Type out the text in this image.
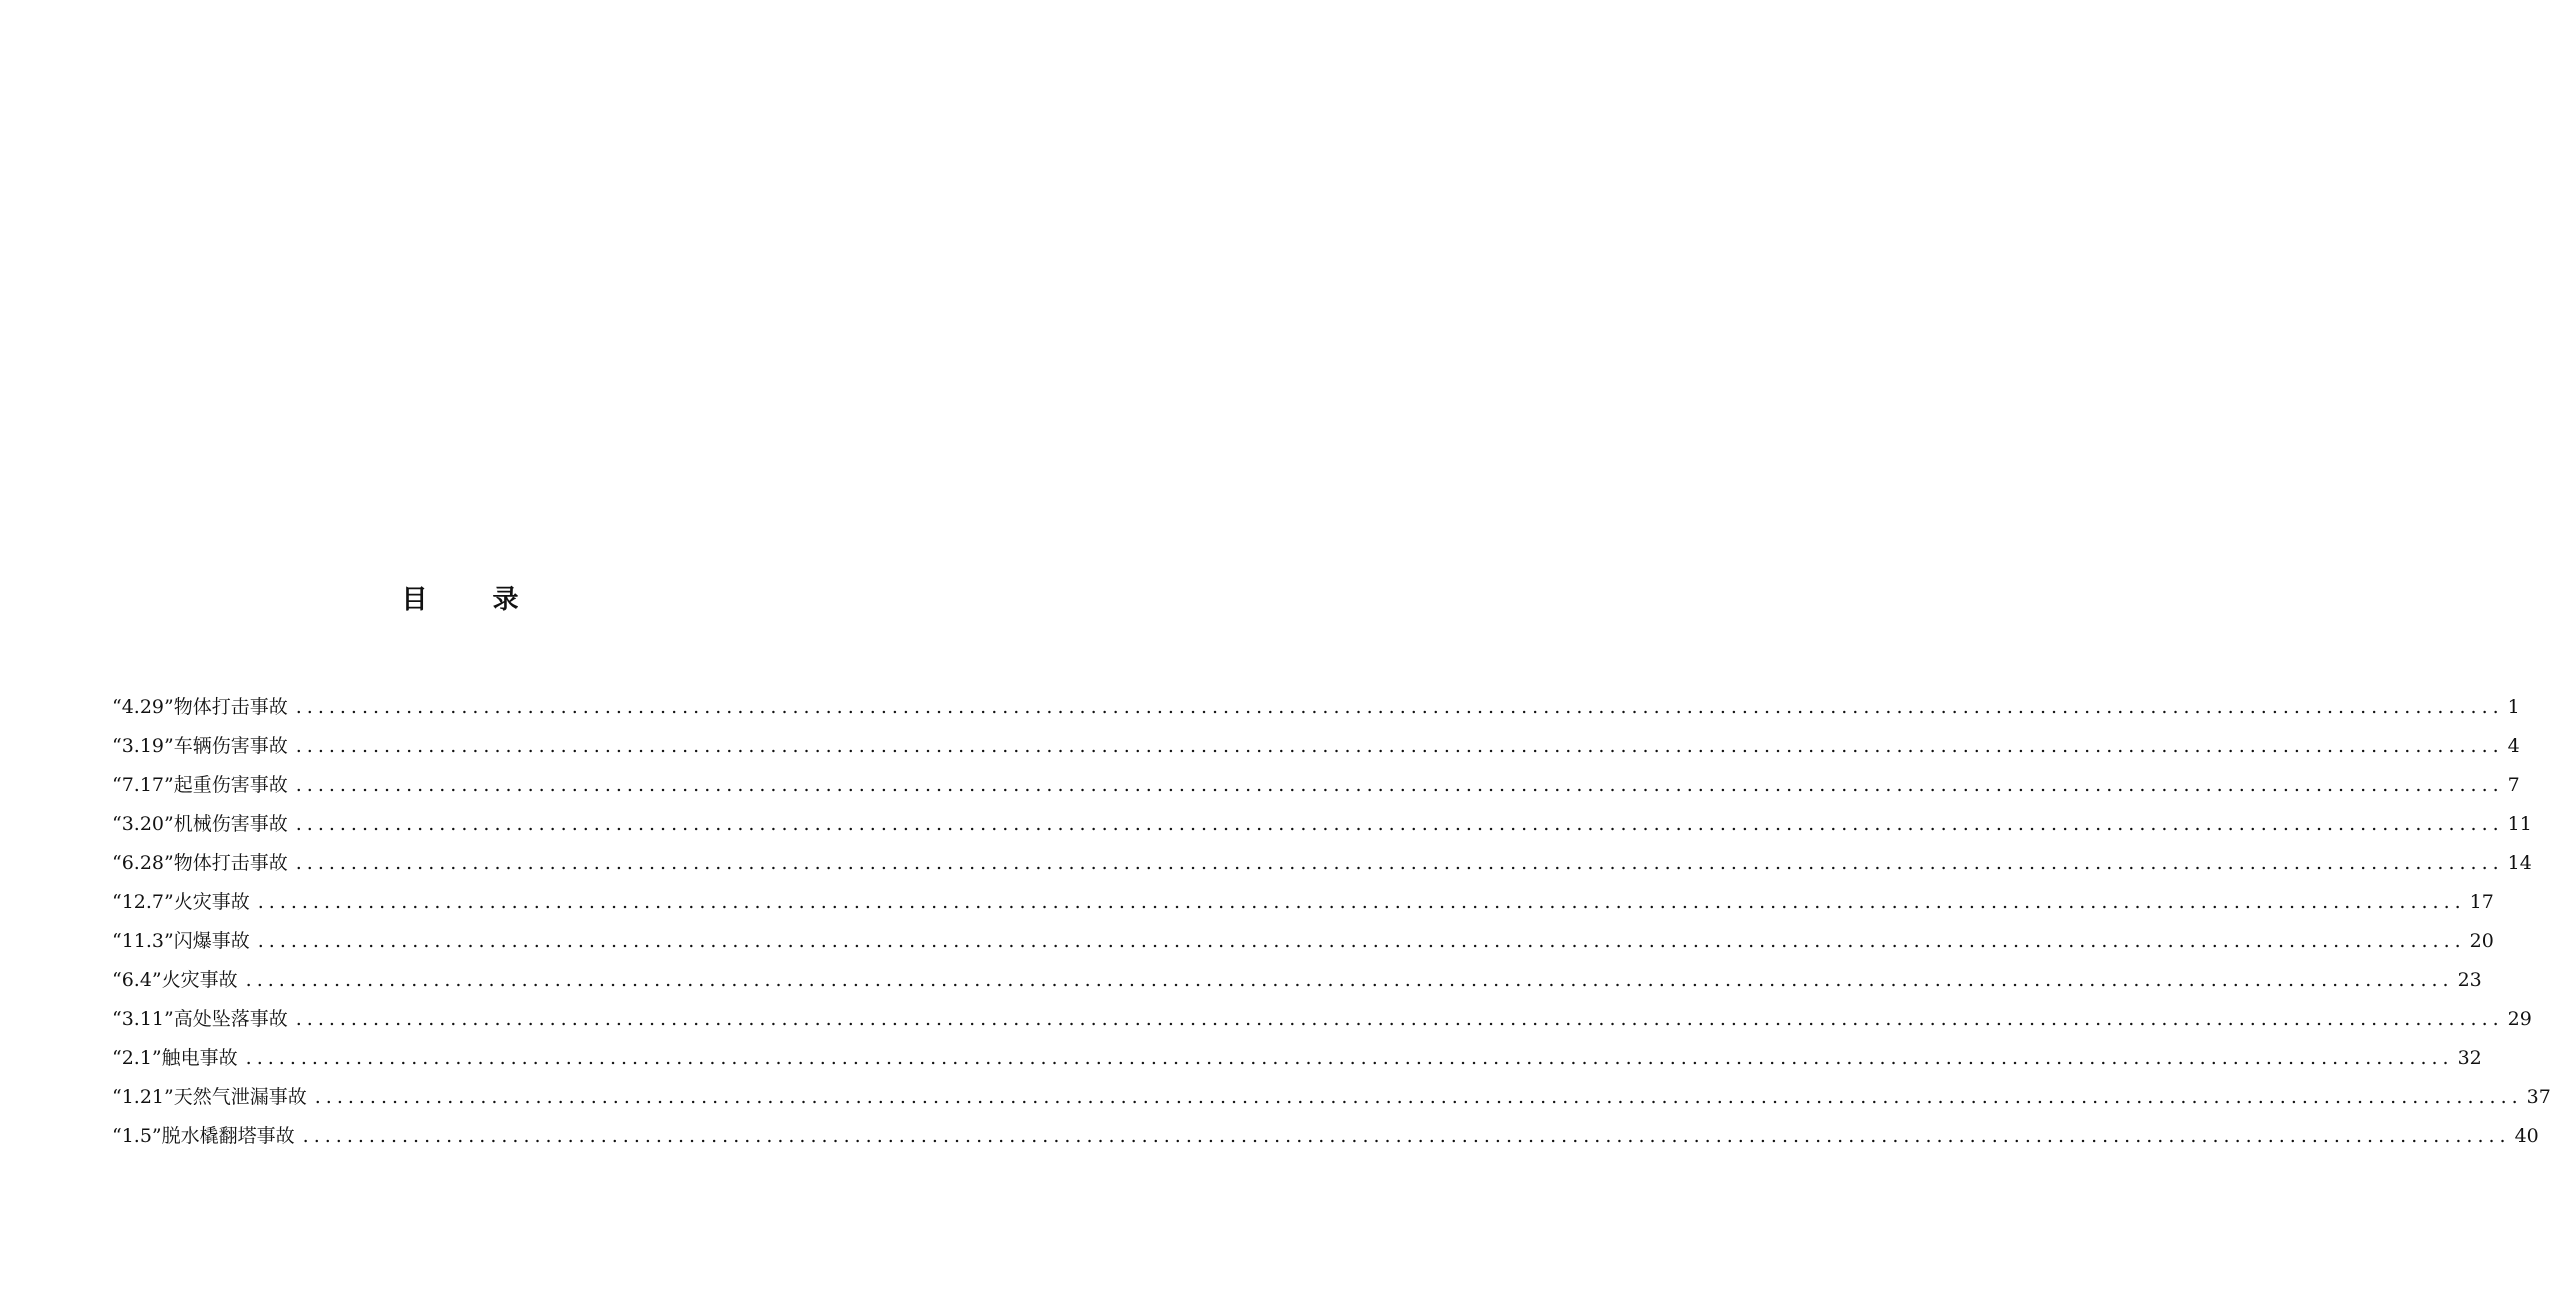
目 录
“4.29”物体打击事故 ........................................................................................................................................................................................................ 1
“3.19”车辆伤害事故 ........................................................................................................................................................................................................ 4
“7.17”起重伤害事故 ........................................................................................................................................................................................................ 7
“3.20”机械伤害事故 ........................................................................................................................................................................................................ 11
“6.28”物体打击事故 ........................................................................................................................................................................................................ 14
“12.7”火灾事故 ........................................................................................................................................................................................................ 17
“11.3”闪爆事故 ........................................................................................................................................................................................................ 20
“6.4”火灾事故 ........................................................................................................................................................................................................ 23
“3.11”高处坠落事故 ........................................................................................................................................................................................................ 29
“2.1”触电事故 ........................................................................................................................................................................................................ 32
“1.21”天然气泄漏事故 ........................................................................................................................................................................................................ 37
“1.5”脱水橇翻塔事故 ........................................................................................................................................................................................................ 40
